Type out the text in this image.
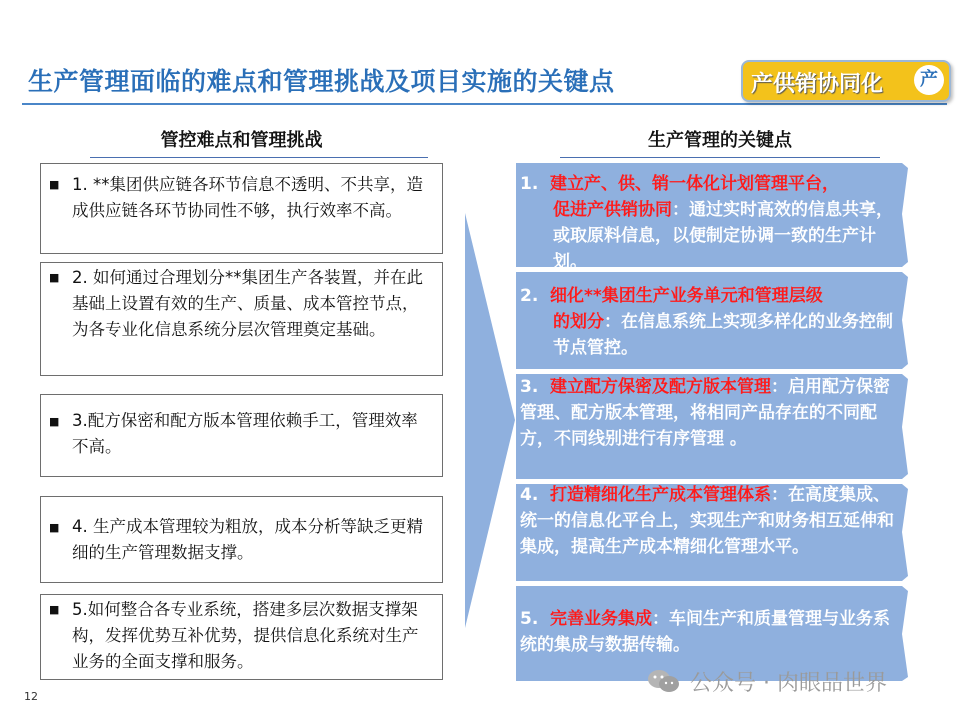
生产管理面临的难点和管理挑战及项目实施的关键点	产供销协同化	产
管控难点和管理挑战	生产管理的关键点
■ 1. **集团供应链各环节信息不透明、不共享，造成供应链各环节协同性不够，执行效率不高。
■ 2. 如何通过合理划分**集团生产各装置，并在此基础上设置有效的生产、质量、成本管控节点，为各专业化信息系统分层次管理奠定基础。
■ 3.配方保密和配方版本管理依赖手工，管理效率不高。
■ 4. 生产成本管理较为粗放，成本分析等缺乏更精细的生产管理数据支撑。
■ 5.如何整合各专业系统，搭建多层次数据支撑架构，发挥优势互补优势，提供信息化系统对生产业务的全面支撑和服务。
1. 建立产、供、销一体化计划管理平台，
促进产供销协同：通过实时高效的信息共享，或取原料信息，以便制定协调一致的生产计划。
2. 细化**集团生产业务单元和管理层级
的划分：在信息系统上实现多样化的业务控制节点管控。
3. 建立配方保密及配方版本管理：启用配方保密管理、配方版本管理，将相同产品存在的不同配方，不同线别进行有序管理 。
4. 打造精细化生产成本管理体系：在高度集成、统一的信息化平台上，实现生产和财务相互延伸和集成，提高生产成本精细化管理水平。
5. 完善业务集成：车间生产和质量管理与业务系统的集成与数据传输。
12
公众号 · 肉眼品世界
